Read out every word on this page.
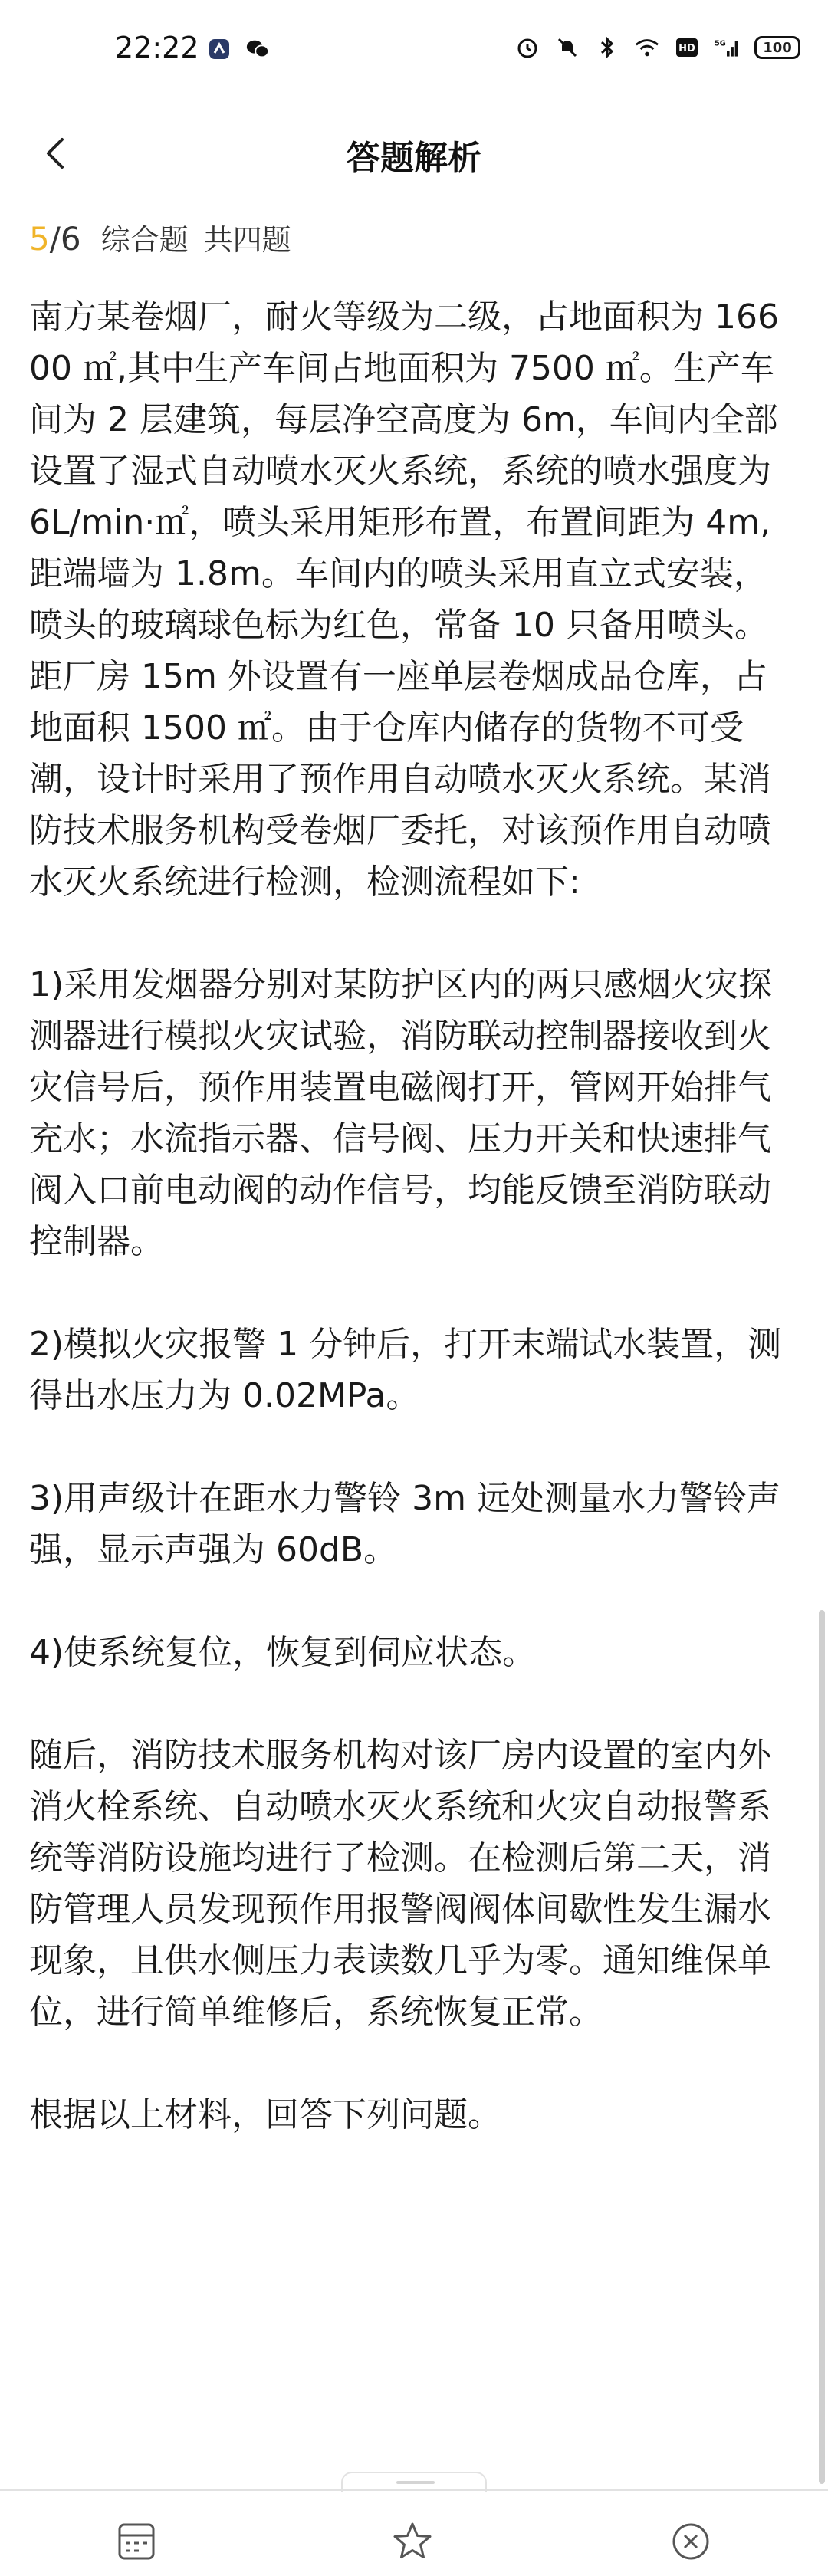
22:22	HD 5G	100
答题解析
5 /6 综合题 共四题

南方某卷烟厂，耐火等级为二级，占地面积为 16600 ㎡,其中生产车间占地面积为 7500 ㎡。生产车间为 2 层建筑，每层净空高度为 6m，车间内全部设置了湿式自动喷水灭火系统，系统的喷水强度为 6L/min·㎡，喷头采用矩形布置，布置间距为 4m,距端墙为 1.8m。车间内的喷头采用直立式安装，喷头的玻璃球色标为红色，常备 10 只备用喷头。距厂房 15m 外设置有一座单层卷烟成品仓库，占地面积 1500 ㎡。由于仓库内储存的货物不可受潮，设计时采用了预作用自动喷水灭火系统。某消防技术服务机构受卷烟厂委托，对该预作用自动喷水灭火系统进行检测，检测流程如下:

1)采用发烟器分别对某防护区内的两只感烟火灾探测器进行模拟火灾试验，消防联动控制器接收到火灾信号后，预作用装置电磁阀打开，管网开始排气充水；水流指示器、信号阀、压力开关和快速排气阀入口前电动阀的动作信号，均能反馈至消防联动控制器。

2)模拟火灾报警 1 分钟后，打开末端试水装置，测得出水压力为 0.02MPa。

3)用声级计在距水力警铃 3m 远处测量水力警铃声强，显示声强为 60dB。

4)使系统复位，恢复到伺应状态。

随后，消防技术服务机构对该厂房内设置的室内外消火栓系统、自动喷水灭火系统和火灾自动报警系统等消防设施均进行了检测。在检测后第二天，消防管理人员发现预作用报警阀阀体间歇性发生漏水现象，且供水侧压力表读数几乎为零。通知维保单位，进行简单维修后，系统恢复正常。

根据以上材料，回答下列问题。
